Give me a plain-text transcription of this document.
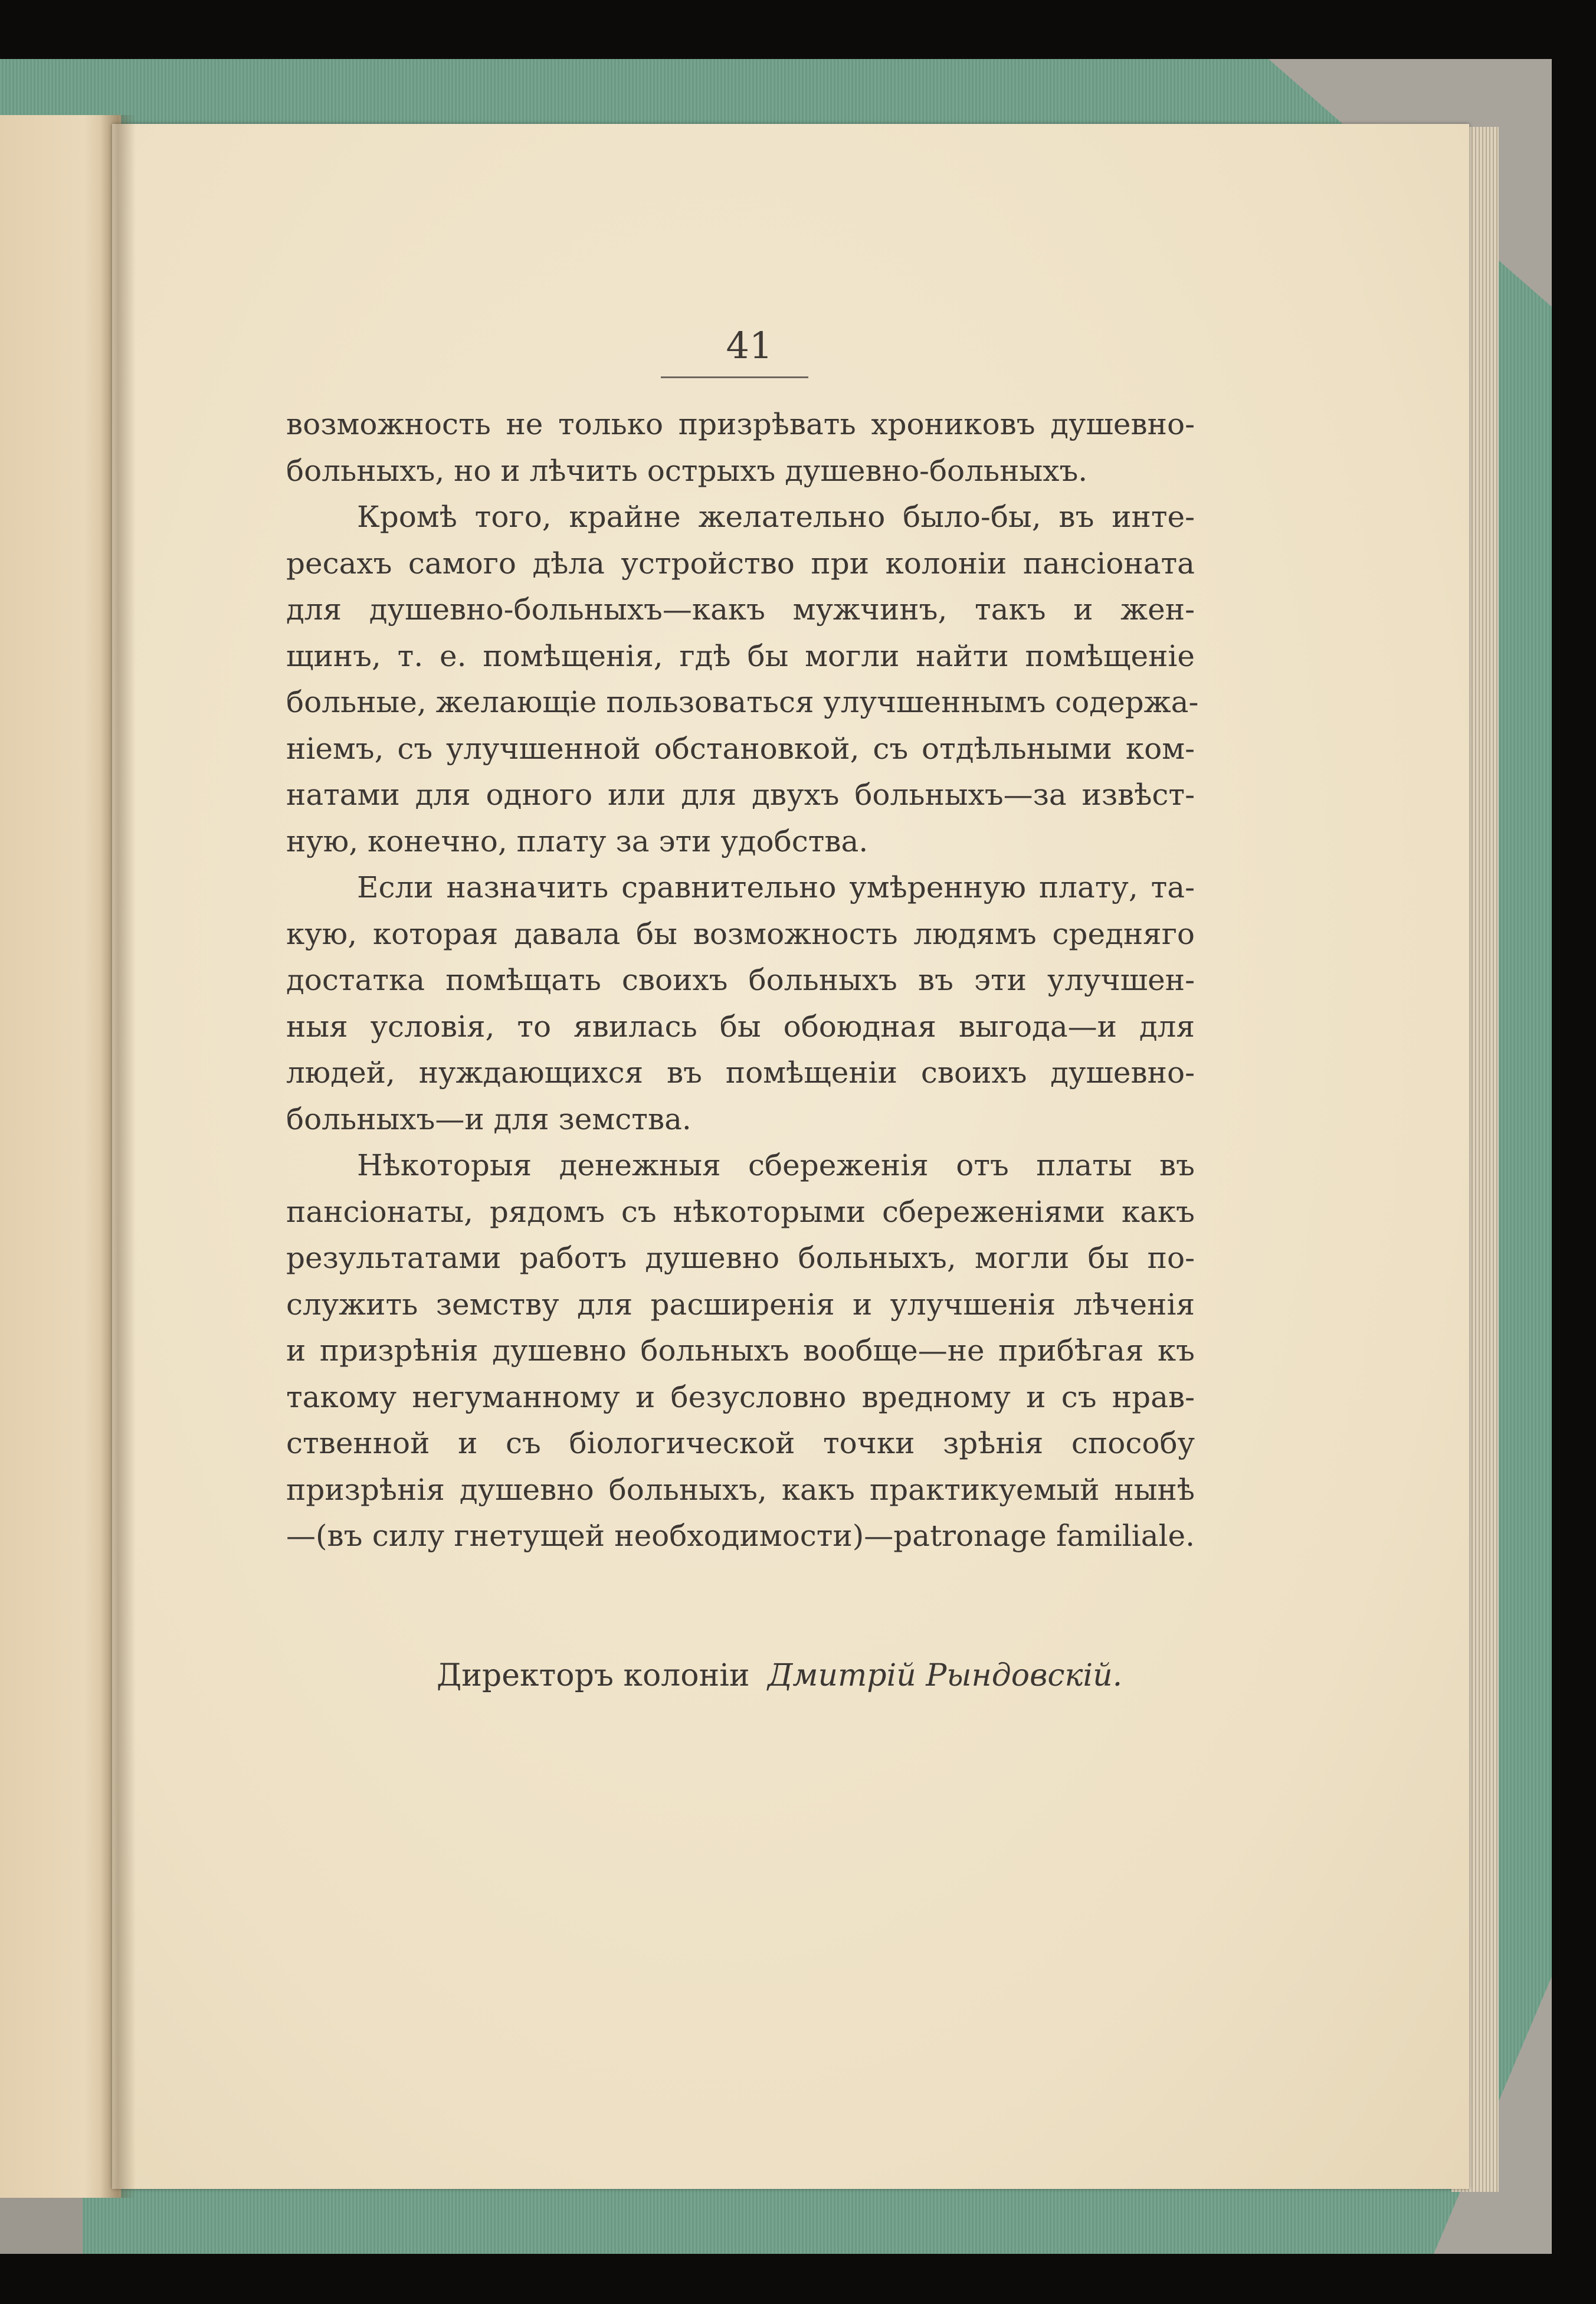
41
возможность не только призрѣвать хрониковъ душевно-
больныхъ, но и лѣчить острыхъ душевно-больныхъ.
Кромѣ того, крайне желательно было-бы, въ инте-
ресахъ самого дѣла устройство при колоніи пансіоната
для душевно-больныхъ—какъ мужчинъ, такъ и жен-
щинъ, т. е. помѣщенія, гдѣ бы могли найти помѣщеніе
больные, желающіе пользоваться улучшеннымъ содержа-
ніемъ, съ улучшенной обстановкой, съ отдѣльными ком-
натами для одного или для двухъ больныхъ—за извѣст-
ную, конечно, плату за эти удобства.
Если назначить сравнительно умѣренную плату, та-
кую, которая давала бы возможность людямъ средняго
достатка помѣщать своихъ больныхъ въ эти улучшен-
ныя условія, то явилась бы обоюдная выгода—и для
людей, нуждающихся въ помѣщеніи своихъ душевно-
больныхъ—и для земства.
Нѣкоторыя денежныя сбереженія отъ платы въ
пансіонаты, рядомъ съ нѣкоторыми сбереженіями какъ
результатами работъ душевно больныхъ, могли бы по-
служить земству для расширенія и улучшенія лѣченія
и призрѣнія душевно больныхъ вообще—не прибѣгая къ
такому негуманному и безусловно вредному и съ нрав-
ственной и съ біологической точки зрѣнія способу
призрѣнія душевно больныхъ, какъ практикуемый нынѣ
—(въ силу гнетущей необходимости)—patronage familiale.
Директоръ колоніи Дмитрій Рындовскій.
